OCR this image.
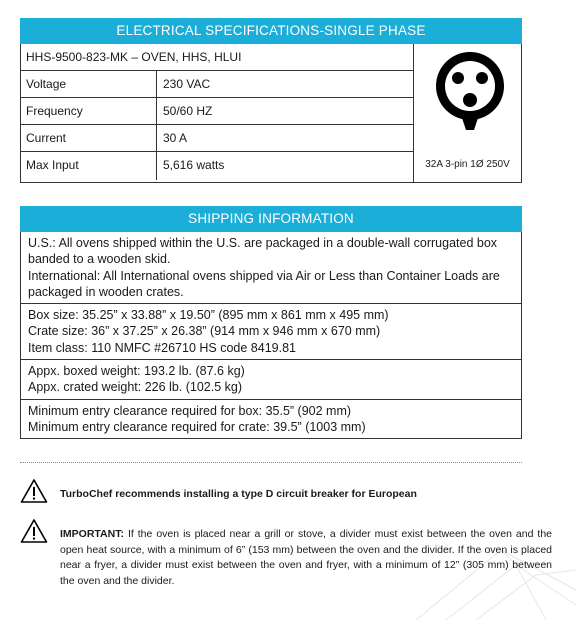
ELECTRICAL SPECIFICATIONS-SINGLE PHASE
HHS-9500-823-MK – OVEN, HHS, HLUI
Voltage	230 VAC
Frequency	50/60 HZ
Current	30 A
Max Input	5,616 watts	32A 3-pin 1Ø 250V
SHIPPING INFORMATION

U.S.: All ovens shipped within the U.S. are packaged in a double-wall corrugated box banded to a wooden skid.

International: All International ovens shipped via Air or Less than Container Loads are packaged in wooden crates.

Box size: 35.25” x 33.88” x 19.50” (895 mm x 861 mm x 495 mm)

Crate size: 36” x 37.25” x 26.38” (914 mm x 946 mm x 670 mm)

Item class: 110 NMFC #26710 HS code 8419.81

Appx. boxed weight: 193.2 lb. (87.6 kg)

Appx. crated weight: 226 lb. (102.5 kg)

Minimum entry clearance required for box: 35.5” (902 mm)

Minimum entry clearance required for crate: 39.5” (1003 mm)

TurboChef recommends installing a type D circuit breaker for European
IMPORTANT: If the oven is placed near a grill or stove, a divider must exist between the oven and the open heat source, with a minimum of 6” (153 mm) between the oven and the divider. If the oven is placed near a fryer, a divider must exist between the oven and fryer, with a minimum of 12” (305 mm) between the oven and the divider.
